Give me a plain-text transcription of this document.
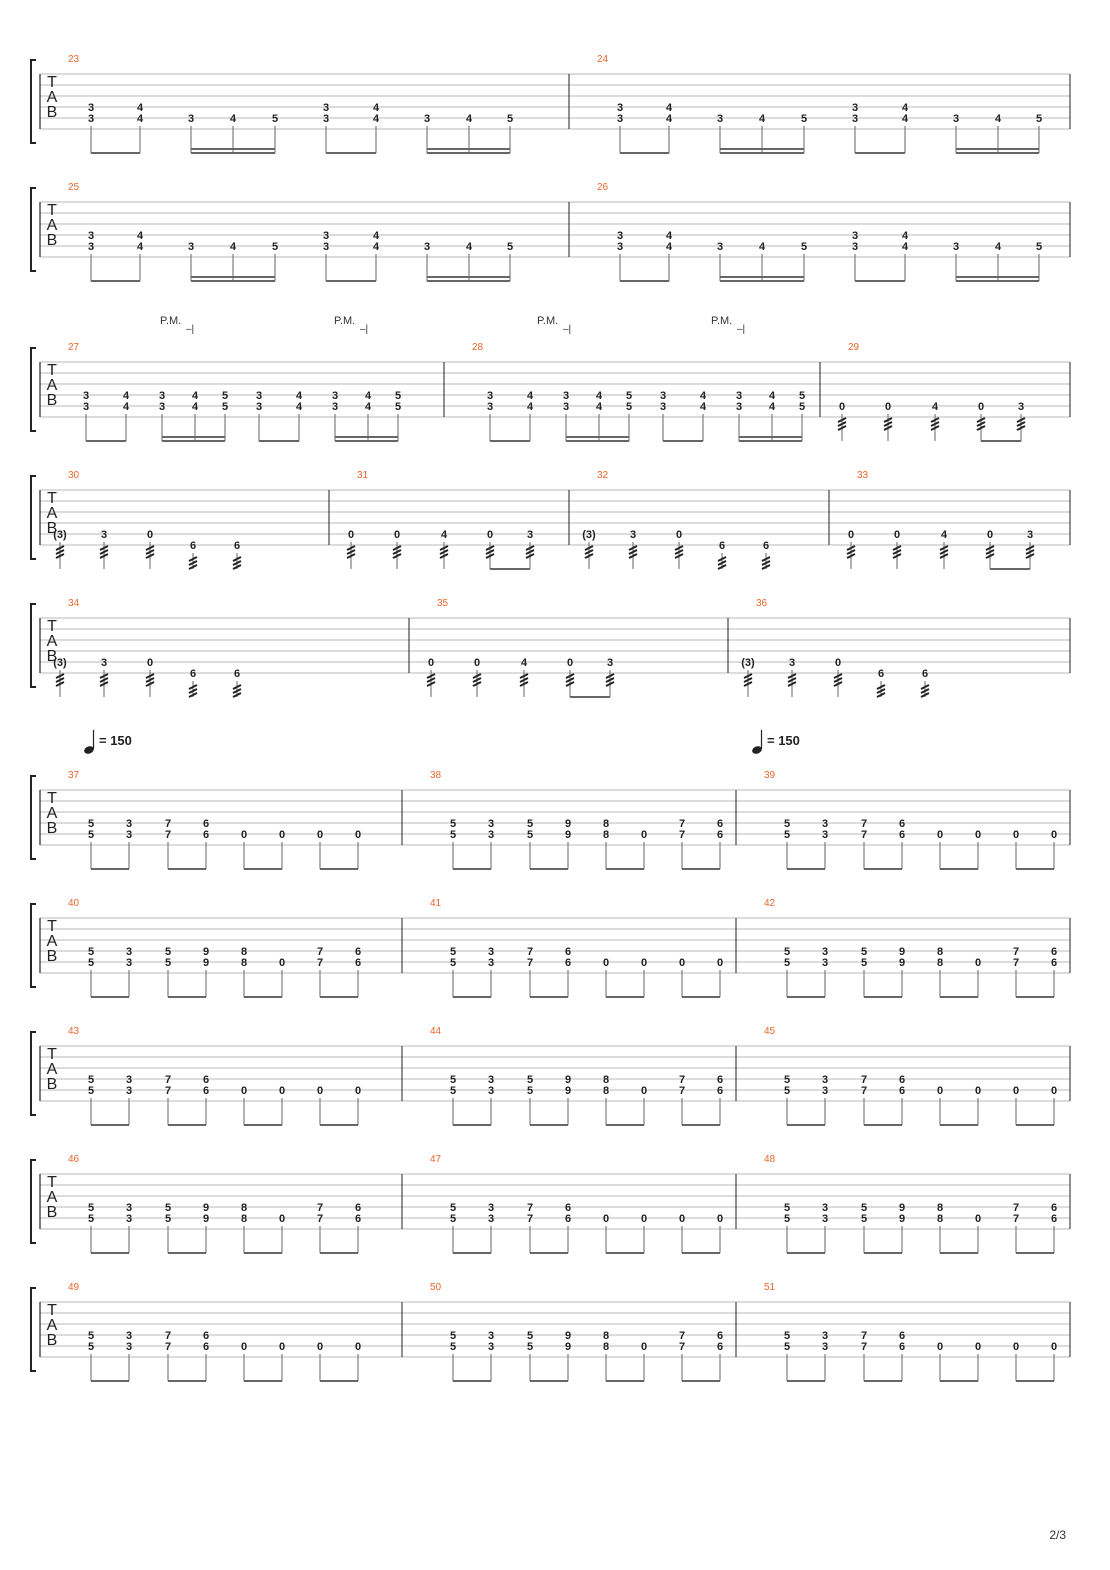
T
A
B
23
3
3
4
4	3	4	5
3
3
4
4	3	4	5
24
3
3
4
4	3	4	5
3
3
4
4	3	4	5
T
A
B
25
3
3
4
4	3	4	5
3
3
4
4	3	4	5
26
3
3
4
4	3	4	5
3
3
4
4	3	4	5
T
A
B
27
3
3
4
4
3
3
4
4
5
5
3
3
4
4
3
3
4
4
5
5
28
3
3
4
4
3
3
4
4
5
5
3
3
4
4
3
3
4
4
5
5
29
0	0	4	0	3
P.M.
–|
P.M.
–|
P.M.
–|
P.M.
–|
T
A
B
30
(3)	3	0
6	6
31
0	0	4	0	3
32
(3)	3	0
6	6
33
0	0	4	0	3
T
A
B
34
(3)	3	0
6	6
35
0	0	4	0	3
36
(3)	3	0
6	6
T
A
B
37
5
5
3
3
7
7
6
6	0	0	0	0
38
5
5
3
3
5
5
9
9
8
8	0
7
7
6
6
39
5
5
3
3
7
7
6
6	0	0	0	0
= 150	= 150
T
A
B
40
5
5
3
3
5
5
9
9
8
8	0
7
7
6
6
41
5
5
3
3
7
7
6
6	0	0	0	0
42
5
5
3
3
5
5
9
9
8
8	0
7
7
6
6
T
A
B
43
5
5
3
3
7
7
6
6	0	0	0	0
44
5
5
3
3
5
5
9
9
8
8	0
7
7
6
6
45
5
5
3
3
7
7
6
6	0	0	0	0
T
A
B
46
5
5
3
3
5
5
9
9
8
8	0
7
7
6
6
47
5
5
3
3
7
7
6
6	0	0	0	0
48
5
5
3
3
5
5
9
9
8
8	0
7
7
6
6
T
A
B
49
5
5
3
3
7
7
6
6	0	0	0	0
50
5
5
3
3
5
5
9
9
8
8	0
7
7
6
6
51
5
5
3
3
7
7
6
6	0	0	0	0
2/3
